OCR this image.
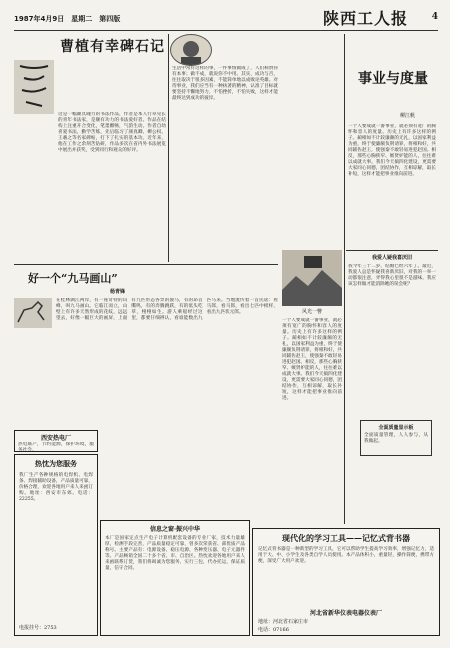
1987年4月9日　星期二　第四版	陕西工人报	4
曹植有幸碑石记
这是一幅颇具魄力的书法作品，作者是本人行草见长的青年书法家，是颇有功力的书法爱好者。作品在结构上注重开合变化，笔墨酣畅，气韵生动。作者自幼喜爱书法，勤学苦练，先后临习了颜真卿、柳公权、王羲之等名家碑帖，打下了扎实的基本功。近年来，他在工作之余刻苦钻研，作品多次在省内外书法展览中展出并获奖，受到同行和观众的好评。
生活中常有这样的事，一件事情做成了，人们称赞你有本事；做不成，就说你不中用。其实，成功与否，往往取决于很多因素，不能简单地以成败论英雄。对待事业，我们应当有一种执著的精神，认准了目标就要坚持不懈地努力，不怕挫折，不怕失败，这样才能最终达到成功的彼岸。
好一个“九马画山”
杨青锋
在桂林漓江两岸，有一座奇特的山峰，叫九马画山。它临江而立，山壁上有许多天然形成的花纹，远远望去，好像一幅巨大的画屏，上面有九匹形态各异的骏马，有的昂首嘶鸣，有的奔腾跳跃，有的低头吃草，栩栩如生。游人乘船经过这里，都要仔细辨认，看谁能数出九匹马来。当地流传着一首民谣：看马郎，看马郎，看出七匹中榜样，看出九匹状元郎。	风光一瞥
事业与度量
柳江帆
一个人要成就一番事业，就必须有宽广的胸怀和容人的度量。历史上有许多这样的例子。蔺相如不计较廉颇的无礼，以国家利益为重，终于使廉颇负荆请罪，将相和好，共同辅佐赵王，使强秦不敢轻易进犯赵国。相反，那些心胸狭窄、嫉贤妒能的人，往往难以成就大事。我们今天搞四化建设，更需要大家同心同德，团结协作，互相谅解，取长补短，这样才能把事业推向前进。
一个人要成就一番事业，就必须有宽广的胸怀和容人的度量。历史上有许多这样的例子。蔺相如不计较廉颇的无礼，以国家利益为重，终于使廉颇负荆请罪，将相和好，共同辅佐赵王，使强秦不敢轻易进犯赵国。相反，那些心胸狭窄、嫉贤妒能的人，往往难以成就大事。我们今天搞四化建设，更需要大家同心同德，团结协作，互相谅解，取长补短，这样才能把事业推向前进。
我爱人疑我喜厌旧
我今年三十二岁，结婚已经六年了。最近，我爱人总是怀疑我喜新厌旧，对我的一举一动都很注意，弄得我心里很不是滋味。我应该怎样做才能消除她的误会呢？
全面质量显示板
全面质量管理，人人参与，从我做起。
西安热电厂
热电联产，节约能源，保护环境，服务社会。
热忱为您服务
我厂生产各种规格的电焊机、电焊条、焊接辅助设备，产品质量可靠，价格合理，欢迎各地用户来人来函订购。地址：西安市东郊。电话：22255。
电报挂号：2753
信息之窗·振兴中华
本厂是国家定点生产电子计算机配套设备的专业厂家，技术力量雄厚，检测手段完善，产品质量稳定可靠，曾多次荣获省、部优质产品称号。主要产品有：电源设备、稳压电源、各种变压器、电子元器件等。产品畅销全国二十多个省、市、自治区。热忱欢迎各地用户来人来函联系订货，我们将竭诚为您服务，实行三包，代办托运，保证质量，信守合同。
现代化的学习工具——记忆式背书器
记忆式背书器是一种新型的学习工具，它可以帮助学生提高学习效率，增强记忆力，适用于大、中、小学生及各类自学人员使用。本产品体积小，重量轻，操作简便，携带方便，深受广大用户欢迎。
河北省新华仪表电器仪表厂
地址：河北省石家庄市
电话：07166
